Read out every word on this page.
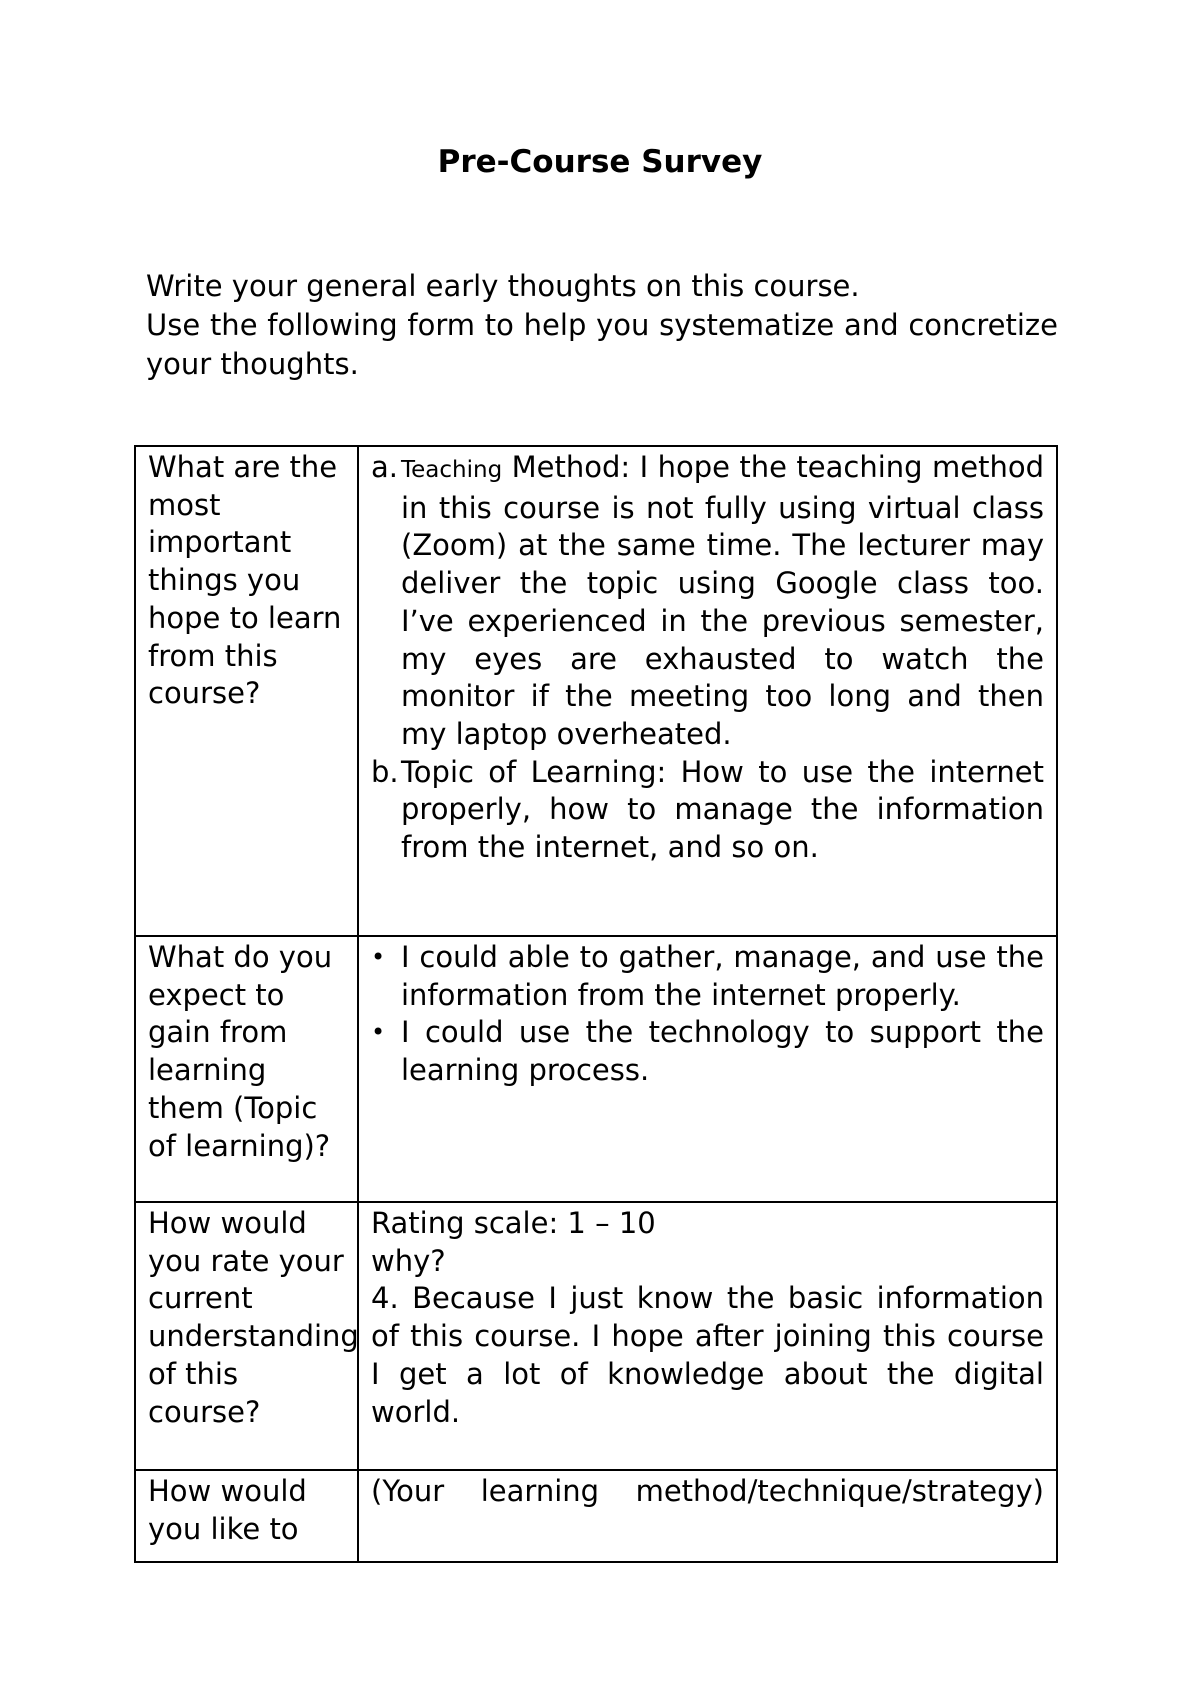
Pre-Course Survey

Write your general early thoughts on this course.

Use the following form to help you systematize and concretize your thoughts.

What are the most important things you hope to learn from this course?	a. Teaching Method: I hope the teaching method in this course is not fully using virtual class (Zoom) at the same time. The lecturer may deliver the topic using Google class too. I’ve experienced in the previous semester, my eyes are exhausted to watch the monitor if the meeting too long and then my laptop overheated.
b. Topic of Learning: How to use the internet properly, how to manage the information from the internet, and so on.

What do you expect to gain from learning them (Topic of learning)?	• I could able to gather, manage, and use the information from the internet properly.
• I could use the technology to support the learning process.

How would you rate your current understanding of this course?	Rating scale: 1 – 10

why?

4. Because I just know the basic information of this course. I hope after joining this course I get a lot of knowledge about the digital world.

How would you like to	(Your learning method/technique/strategy)
